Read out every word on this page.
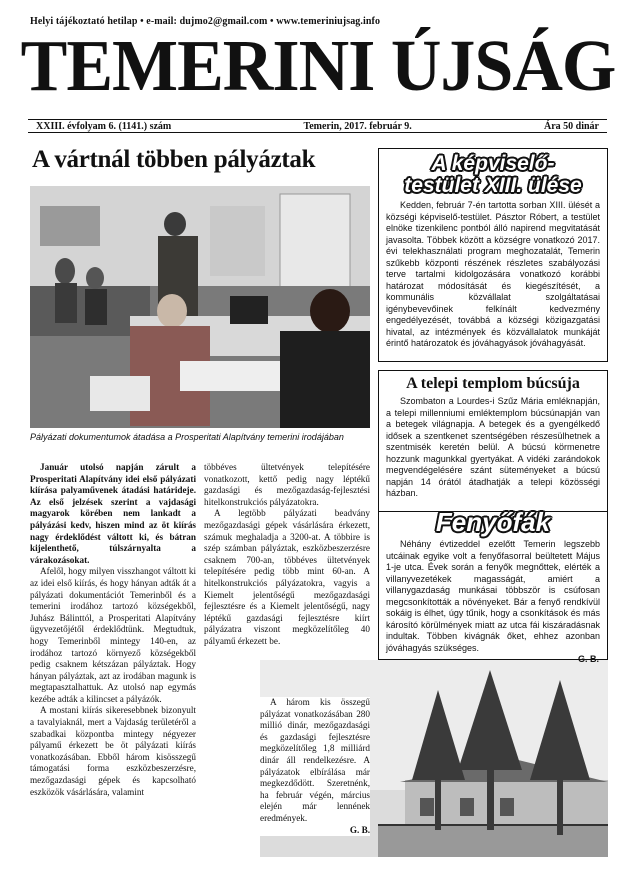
Helyi tájékoztató hetilap • e-mail: dujmo2@gmail.com • www.temeriniujsag.info
TEMERINI ÚJSÁG
XXIII. évfolyam 6. (1141.) szám	Temerin, 2017. február 9.	Ára 50 dinár
A vártnál többen pályáztak
Pályázati dokumentumok átadása a Prosperitati Alapítvány temerini irodájában

Január utolsó napján zárult a Prosperitati Alapítvány idei első pályázati kiírása palyaművenek átadási határideje. Az első jelzések szerint a vajdasági magyarok körében nem lankadt a pályázási kedv, hiszen mind az öt kiírás nagy érdeklődést váltott ki, és bátran kijelenthető, túlszárnyalta a várakozásokat.

Afelől, hogy milyen visszhangot váltott ki az idei első kiírás, és hogy hányan adták át a pályázati dokumentációt Temerinből és a temerini irodához tartozó községekből, Juhász Bálinttól, a Prosperitati Alapítvány ügyvezetőjétől érdeklődtünk. Megtudtuk, hogy Temerinből mintegy 140-en, az irodához tartozó környező községekből pedig csaknem kétszázan pályáztak. Hogy hányan pályáztak, azt az irodában magunk is megtapasztalhattuk. Az utolsó nap egymás kezébe adták a kilincset a pályázók.

A mostani kiírás sikeresebbnek bizonyult a tavalyiaknál, mert a Vajdaság területéről a szabadkai központba mintegy négyezer pályamű érkezett be öt pályázati kiírás vonatkozásában. Ebből három kisösszegű támogatási forma eszközbeszerzésre, mezőgazdasági gépek és kapcsolható eszközök vásárlására, valamint

többéves ültetvények telepítésére vonatkozott, kettő pedig nagy léptékű gazdasági és mezőgazdaság-fejlesztési hitelkonstrukciós pályázatokra.

A legtöbb pályázati beadvány mezőgazdasági gépek vásárlására érkezett, számuk meghaladja a 3200-at. A többire is szép számban pályáztak, eszközbeszerzésre csaknem 700-an, többéves ültetvények telepítésére pedig több mint 60-an. A hitelkonstrukciós pályázatokra, vagyis a Kiemelt jelentőségű mezőgazdasági fejlesztésre és a Kiemelt jelentőségű, nagy léptékű gazdasági fejlesztésre kiírt pályázatra viszont megközelítőleg 40 pályamű érkezett be.

A három kis összegű pályázat vonatkozásában 280 millió dinár, mezőgazdasági és gazdasági fejlesztésre megközelítőleg 1,8 milliárd dinár áll rendelkezésre. A pályázatok elbírálása már megkezdődött. Szeretnénk, ha február végén, március elején már lennének eredmények.

G. B.
A képviselő-
testület XIII. ülése
Kedden, február 7-én tartotta sorban XIII. ülését a községi képviselő-testület. Pásztor Róbert, a testület elnöke tizenkilenc pontból álló napirend megvitatását javasolta. Többek között a községre vonatkozó 2017. évi telekhasználati program meghozatalát, Temerin szűkebb központi részének részletes szabályozási terve tartalmi kidolgozására vonatkozó korábbi határozat módosítását és kiegészítését, a kommunális közvállalat szolgáltatásai igénybevevőinek felkínált kedvezmény engedélyezését, továbbá a községi közigazgatási hivatal, az intézmények és közvállalatok munkáját érintő határozatok és jóváhagyások jóváhagyását.
A telepi templom búcsúja
Szombaton a Lourdes-i Szűz Mária emléknapján, a telepi millenniumi emléktemplom búcsúnapján van a betegek világnapja. A betegek és a gyengélkedő idősek a szentkenet szentségében részesülhetnek a szentmisék keretén belül. A búcsú körmenetre hozzunk magunkkal gyertyákat. A vidéki zarándokok megvendégelésére szánt süteményeket a búcsú napján 14 órától átadhatják a telepi közösségi házban.
Fenyőfák
Néhány évtizeddel ezelőtt Temerin legszebb utcáinak egyike volt a fenyőfasorral beültetett Május 1-je utca. Évek során a fenyők megnőttek, elérték a villanyvezetékek magasságát, amiért a villanygazdaság munkásai többször is csúfosan megcsonkították a növényeket. Bár a fenyő rendkívül sokáig is élhet, úgy tűnik, hogy a csonkítások és más károsító körülmények miatt az utca fái kiszáradásnak indultak. Többen kivágnák őket, ehhez azonban jóváhagyás szükséges.
G. B.
